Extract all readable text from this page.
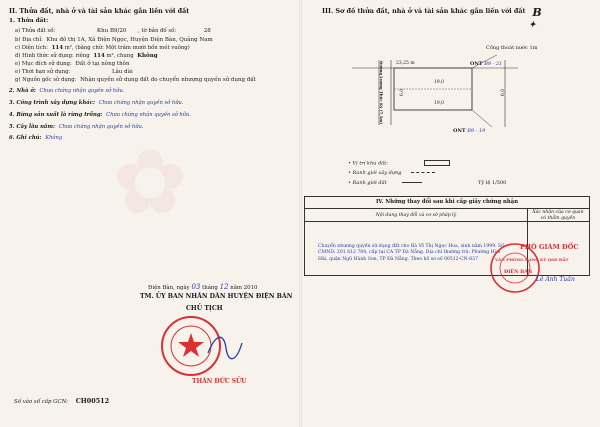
✿
II. Thửa đất, nhà ở và tài sản khác gắn liền với đất
1. Thửa đất:
a) Thửa đất số:	Khu B9/20 , tờ bản đồ số:	28
b) Địa chỉ: Khu đô thị 1A, Xã Điện Ngọc, Huyện Điện Bàn, Quảng Nam
c) Diện tích: 114 m², (bằng chữ: Một trăm mười bốn mét vuông)
d) Hình thức sử dụng: riêng 114 m², chung Không
e) Mục đích sử dụng: Đất ở tại nông thôn
e) Thời hạn sử dụng:	Lâu dài
g) Nguồn gốc sử dụng: Nhận quyền sử dụng đất do chuyển nhượng quyền sử dụng đất
2. Nhà ở: Chưa chứng nhận quyền sở hữu.
3. Công trình xây dựng khác: Chưa chứng nhận quyền sở hữu.
4. Rừng sản xuất là rừng trồng: Chưa chứng nhận quyền sở hữu.
5. Cây lâu năm: Chưa chứng nhận quyền sở hữu.
6. Ghi chú: Không
Điện Bàn, ngày 03 tháng 12 năm 2010
TM. ỦY BAN NHÂN DÂN HUYỆN ĐIỆN BÀN
CHỦ TỊCH
THÂN ĐỨC SỬU
Số vào sổ cấp GCN: CH00512
III. Sơ đồ thửa đất, nhà ở và tài sản khác gắn liền với đất B
✦
Cống thoát nước 1m
ONT B9 - 21
23,25 m
19,0
19,0
6,0	6,0
Đường Lương Thúc Kỳ (7,5m)
ONT B9 - 19
• Vị trí khu đất:
• Ranh giới xây dựng
• Ranh giới đất	Tỷ lệ 1/500
IV. Những thay đổi sau khi cấp giấy chứng nhận
Nội dung thay đổi và cơ sở pháp lý
Xác nhận của cơ quan có thẩm quyền
Chuyển nhượng quyền sử dụng đất cho Bà Võ Thị Ngọc Hoa, sinh năm 1999. Số CMND: 201 812 784, cấp tại CA TP Đà Nẵng. Địa chỉ thường trú: Phường Hòa Hải, quận Ngũ Hành Sơn, TP Đà Nẵng. Theo hồ sơ số 00512-CN-637	VĂN PHÒNG ĐĂNG KÝ QSD ĐẤT
ĐIỆN BÀN
PHÓ GIÁM ĐỐC
Lê Anh Tuấn
